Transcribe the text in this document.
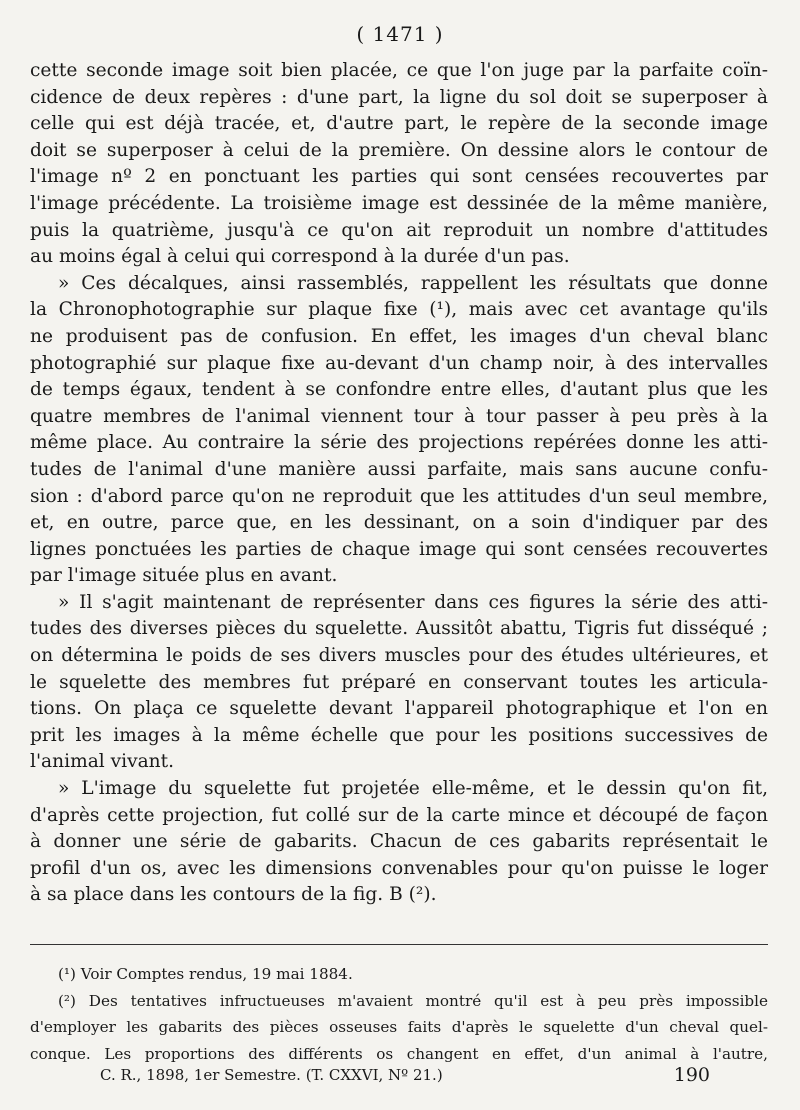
( 1471 )
cette seconde image soit bien placée, ce que l'on juge par la parfaite coïn-
cidence de deux repères : d'une part, la ligne du sol doit se superposer à
celle qui est déjà tracée, et, d'autre part, le repère de la seconde image
doit se superposer à celui de la première. On dessine alors le contour de
l'image nº 2 en ponctuant les parties qui sont censées recouvertes par
l'image précédente. La troisième image est dessinée de la même manière,
puis la quatrième, jusqu'à ce qu'on ait reproduit un nombre d'attitudes
au moins égal à celui qui correspond à la durée d'un pas.
» Ces décalques, ainsi rassemblés, rappellent les résultats que donne
la Chronophotographie sur plaque fixe (¹), mais avec cet avantage qu'ils
ne produisent pas de confusion. En effet, les images d'un cheval blanc
photographié sur plaque fixe au-devant d'un champ noir, à des intervalles
de temps égaux, tendent à se confondre entre elles, d'autant plus que les
quatre membres de l'animal viennent tour à tour passer à peu près à la
même place. Au contraire la série des projections repérées donne les atti-
tudes de l'animal d'une manière aussi parfaite, mais sans aucune confu-
sion : d'abord parce qu'on ne reproduit que les attitudes d'un seul membre,
et, en outre, parce que, en les dessinant, on a soin d'indiquer par des
lignes ponctuées les parties de chaque image qui sont censées recouvertes
par l'image située plus en avant.
» Il s'agit maintenant de représenter dans ces figures la série des atti-
tudes des diverses pièces du squelette. Aussitôt abattu, Tigris fut disséqué ;
on détermina le poids de ses divers muscles pour des études ultérieures, et
le squelette des membres fut préparé en conservant toutes les articula-
tions. On plaça ce squelette devant l'appareil photographique et l'on en
prit les images à la même échelle que pour les positions successives de
l'animal vivant.
» L'image du squelette fut projetée elle-même, et le dessin qu'on fit,
d'après cette projection, fut collé sur de la carte mince et découpé de façon
à donner une série de gabarits. Chacun de ces gabarits représentait le
profil d'un os, avec les dimensions convenables pour qu'on puisse le loger
à sa place dans les contours de la fig. B (²).
(¹) Voir Comptes rendus, 19 mai 1884.
(²) Des tentatives infructueuses m'avaient montré qu'il est à peu près impossible
d'employer les gabarits des pièces osseuses faits d'après le squelette d'un cheval quel-
conque. Les proportions des différents os changent en effet, d'un animal à l'autre,
C. R., 1898, 1er Semestre. (T. CXXVI, Nº 21.)	190
